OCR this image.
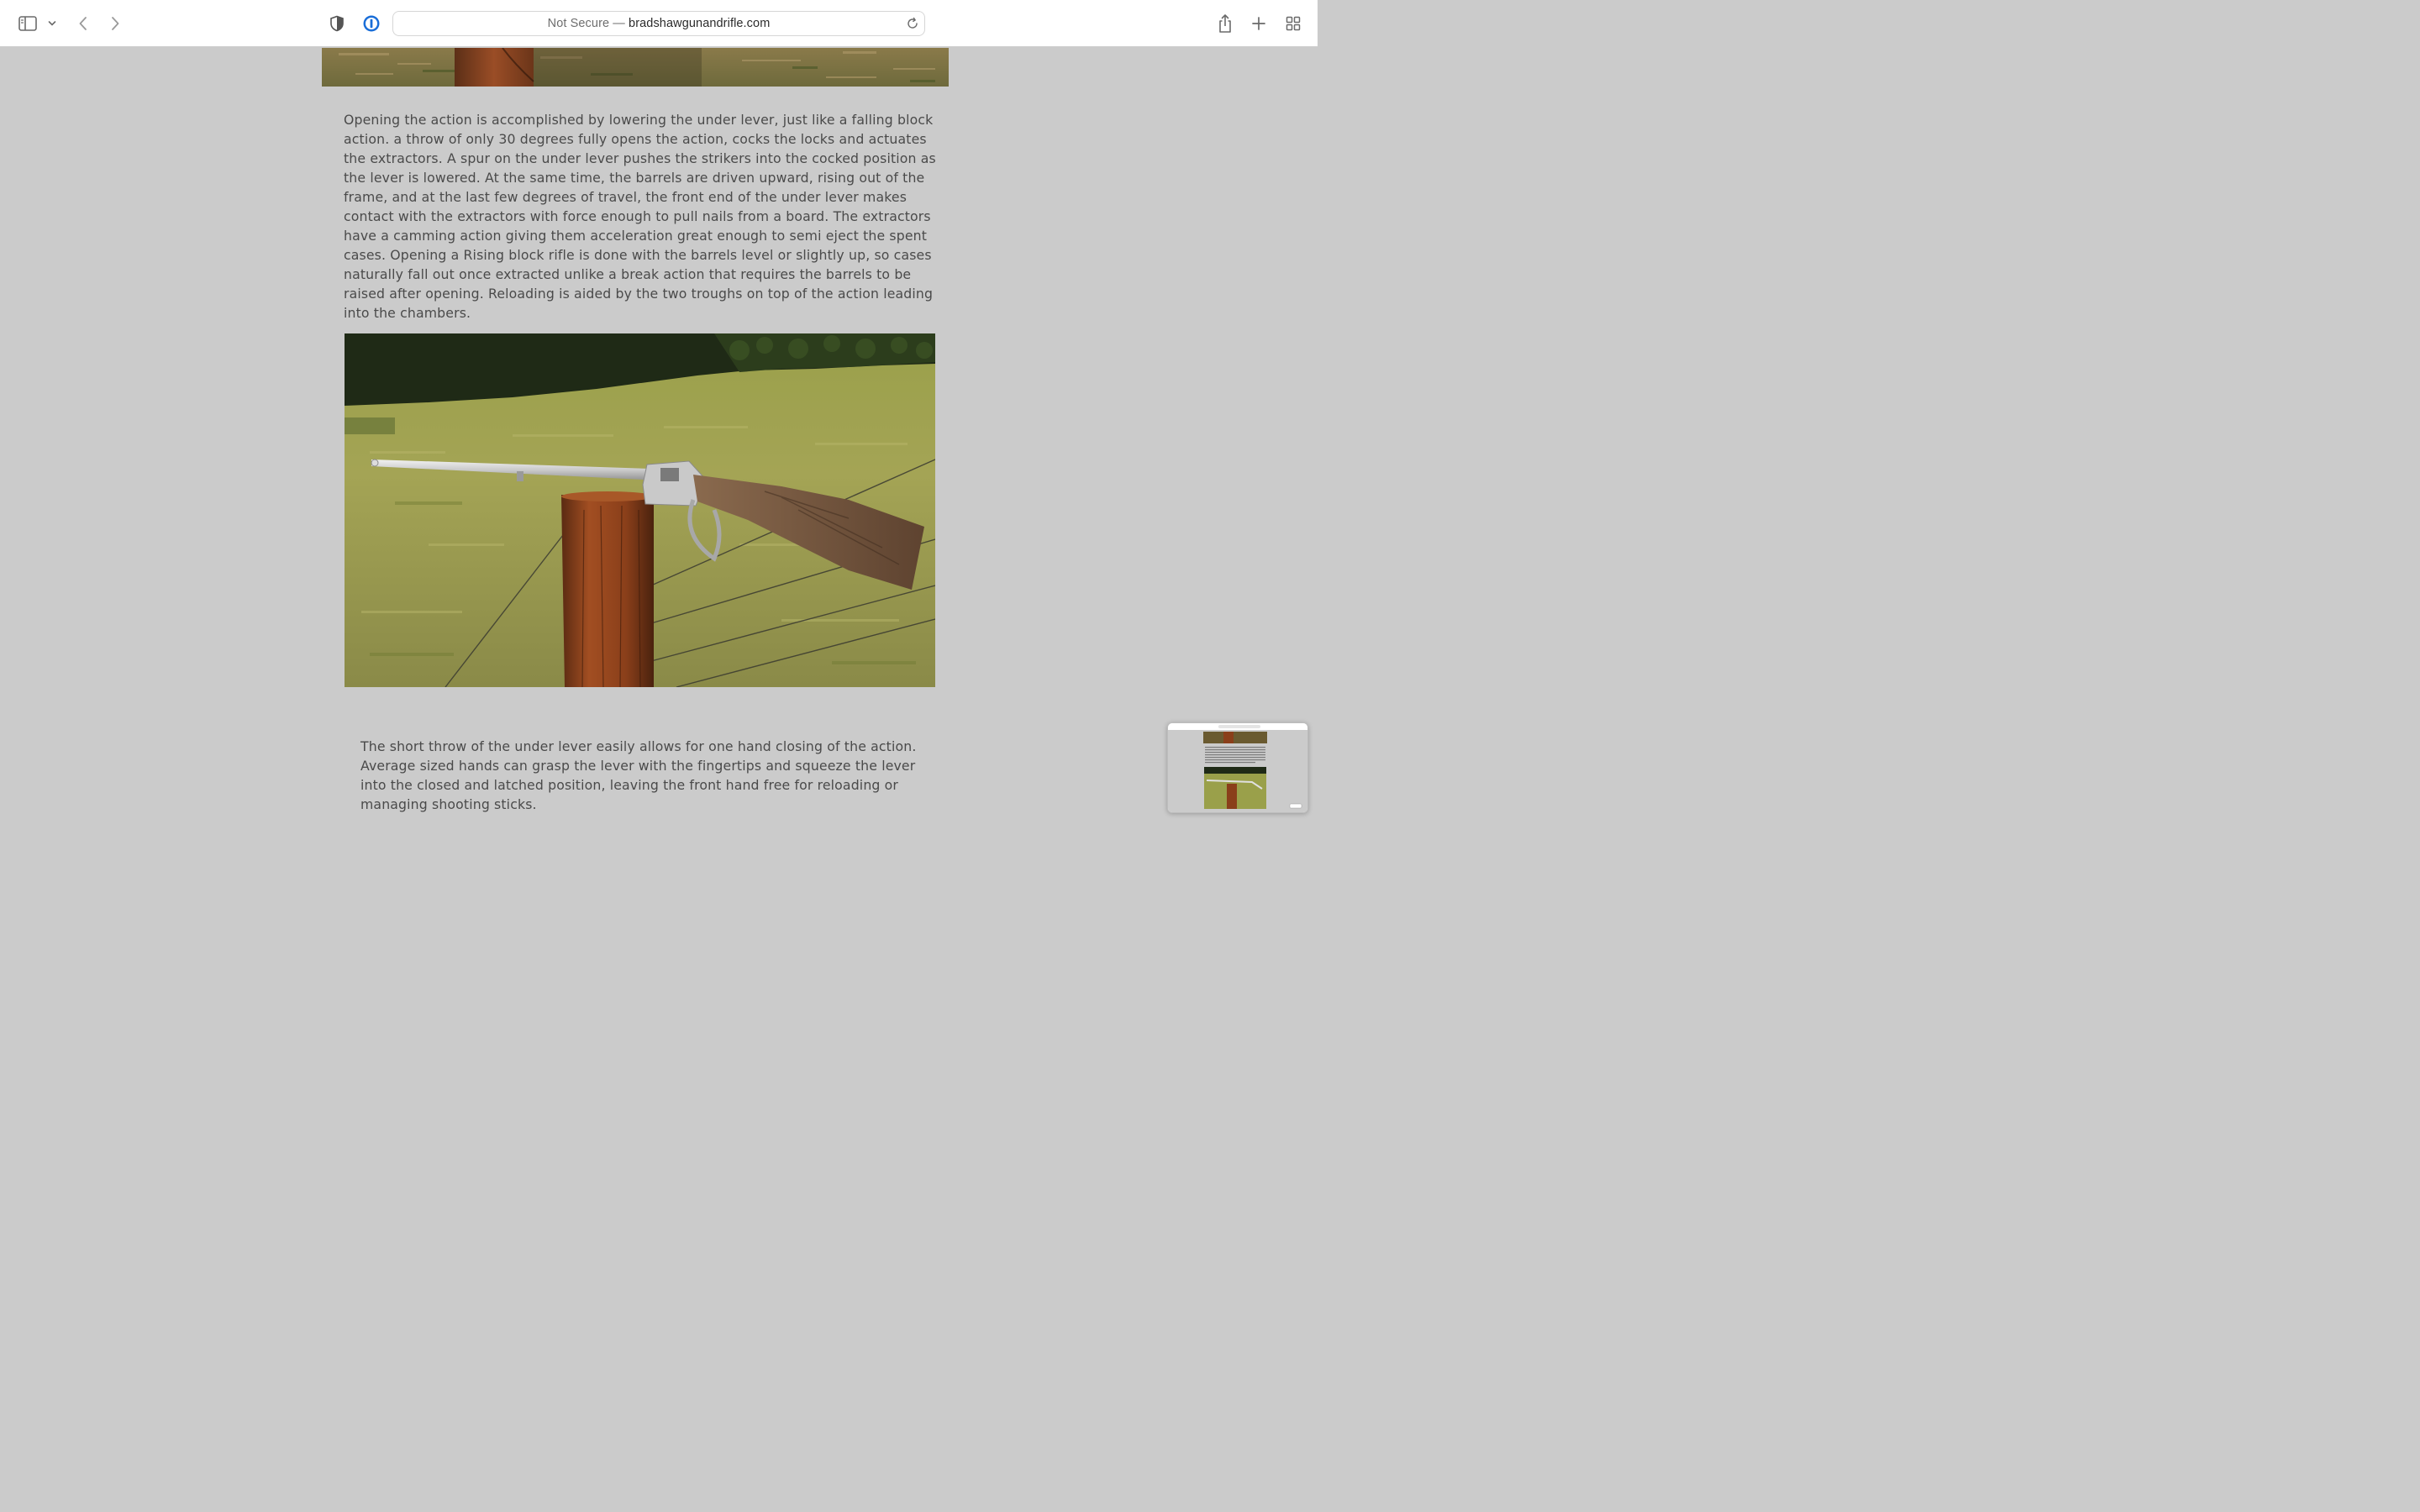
Not Secure —
bradshawgunandrifle.com

Opening the action is accomplished by lowering the under lever, just like a falling block action. a throw of only 30 degrees fully opens the action, cocks the locks and actuates the extractors. A spur on the under lever pushes the strikers into the cocked position as the lever is lowered. At the same time, the barrels are driven upward, rising out of the frame, and at the last few degrees of travel, the front end of the under lever makes contact with the extractors with force enough to pull nails from a board. The extractors have a camming action giving them acceleration great enough to semi eject the spent cases. Opening a Rising block rifle is done with the barrels level or slightly up, so cases naturally fall out once extracted unlike a break action that requires the barrels to be raised after opening. Reloading is aided by the two troughs on top of the action leading into the chambers.

The short throw of the under lever easily allows for one hand closing of the action. Average sized hands can grasp the lever with the fingertips and squeeze the lever into the closed and latched position, leaving the front hand free for reloading or managing shooting sticks.
